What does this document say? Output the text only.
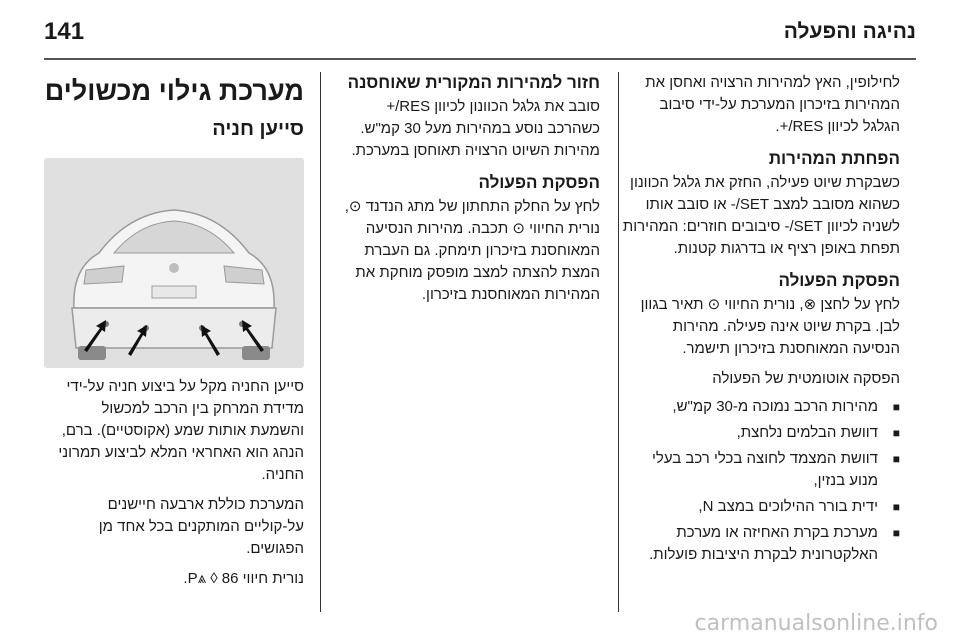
141	נהיגה והפעלה

לחילופין, האץ למהירות הרצויה ואחסן את המהירות בזיכרון המערכת על-ידי סיבוב הגלגל לכיוון RES/+.

הפחתת המהירות

כשבקרת שיוט פעילה, החזק את גלגל הכוונון כשהוא מסובב למצב SET/- או סובב אותו לשניה לכיוון SET/- סיבובים חוזרים: המהירות תפחת באופן רציף או בדרגות קטנות.

הפסקת הפעולה

לחץ על לחצן ⊗, נורית החיווי ⊙ תאיר בגוון לבן. בקרת שיוט אינה פעילה. מהירות הנסיעה המאוחסנת בזיכרון תישמר.

הפסקה אוטומטית של הפעולה

■ מהירות הרכב נמוכה מ-30 קמ"ש,
■ דוושת הבלמים נלחצת,
■ דוושת המצמד לחוצה בכלי רכב בעלי מנוע בנזין,
■ ידית בורר ההילוכים במצב N,
■ מערכת בקרת האחיזה או מערכת האלקטרונית לבקרת היציבות פועלות.

חזור למהירות המקורית שאוחסנה

סובב את גלגל הכוונון לכיוון RES/+ כשהרכב נוסע במהירות מעל 30 קמ"ש. מהירות השיוט הרצויה תאוחסן במערכת.

הפסקת הפעולה

לחץ על החלק התחתון של מתג הנדנד ⊙, נורית החיווי ⊙ תכבה. מהירות הנסיעה המאוחסנת בזיכרון תימחק. גם העברת המצת להצתה למצב מופסק מוחקת את המהירות המאוחסנת בזיכרון.

מערכת גילוי מכשולים

סייען חניה

סייען החניה מקל על ביצוע חניה על-ידי מדידת המרחק בין הרכב למכשול והשמעת אותות שמע (אקוסטיים). ברם, הנהג הוא האחראי המלא לביצוע תמרוני החניה.

המערכת כוללת ארבעה חיישנים על-קוליים המותקנים בכל אחד מן הפגושים.

נורית חיווי P⩓ ◊ 86.

carmanualsonline.info
